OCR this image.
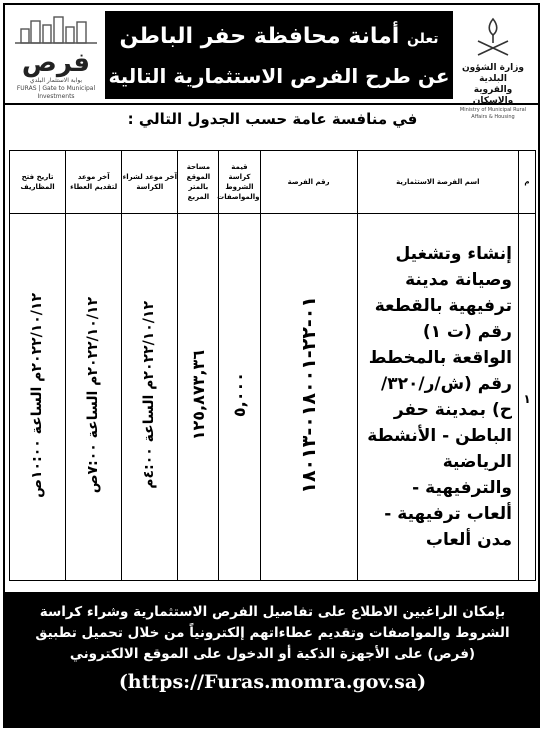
فرص
بوابة الاستثمار البلدي
FURAS | Gate to Municipal Investments
تعلن أمانة محافظة حفر الباطن
عن طرح الفرص الاستثمارية التالية	وزارة الشؤون البلدية
والقروية والإسكان
Ministry of Municipal Rural Affairs & Housing
في منافسة عامة حسب الجدول التالي :
م	اسم الفرصة الاستثمارية	رقم الفرصة	قيمة كراسة الشروط والمواصفات	مساحة الموقع بالمتر المربع	آخر موعد لشراء الكراسة	آخر موعد لتقديم العطاء	تاريخ فتح المظاريف
١	إنشاء وتشغيل وصيانة مدينة ترفيهية بالقطعة رقم (ت ١) الواقعة بالمخطط رقم (ش/ر/٣٢٠/ح) بمدينة حفر الباطن - الأنشطة الرياضية والترفيهية - ألعاب ترفيهية - مدن ألعاب	٠١-٢٢-٠١٨٠٠١-١٨٠١٣	٥,٠٠٠	١٢٥,٨٧٣,٣٦	٢٠٢٢/١٠/١٢م الساعة ٤:٠٠م	٢٠٢٢/١٠/١٢م الساعة ٧:٠٠ص	٢٠٢٢/١٠/١٢م الساعة ١٠:٠٠ص
بإمكان الراغبين الاطلاع على تفاصيل الفرص الاستثمارية وشراء كراسة الشروط والمواصفات وتقديم عطاءاتهم إلكترونياً من خلال تحميل تطبيق (فرص) على الأجهزة الذكية أو الدخول على الموقع الالكتروني
(https://Furas.momra.gov.sa)
